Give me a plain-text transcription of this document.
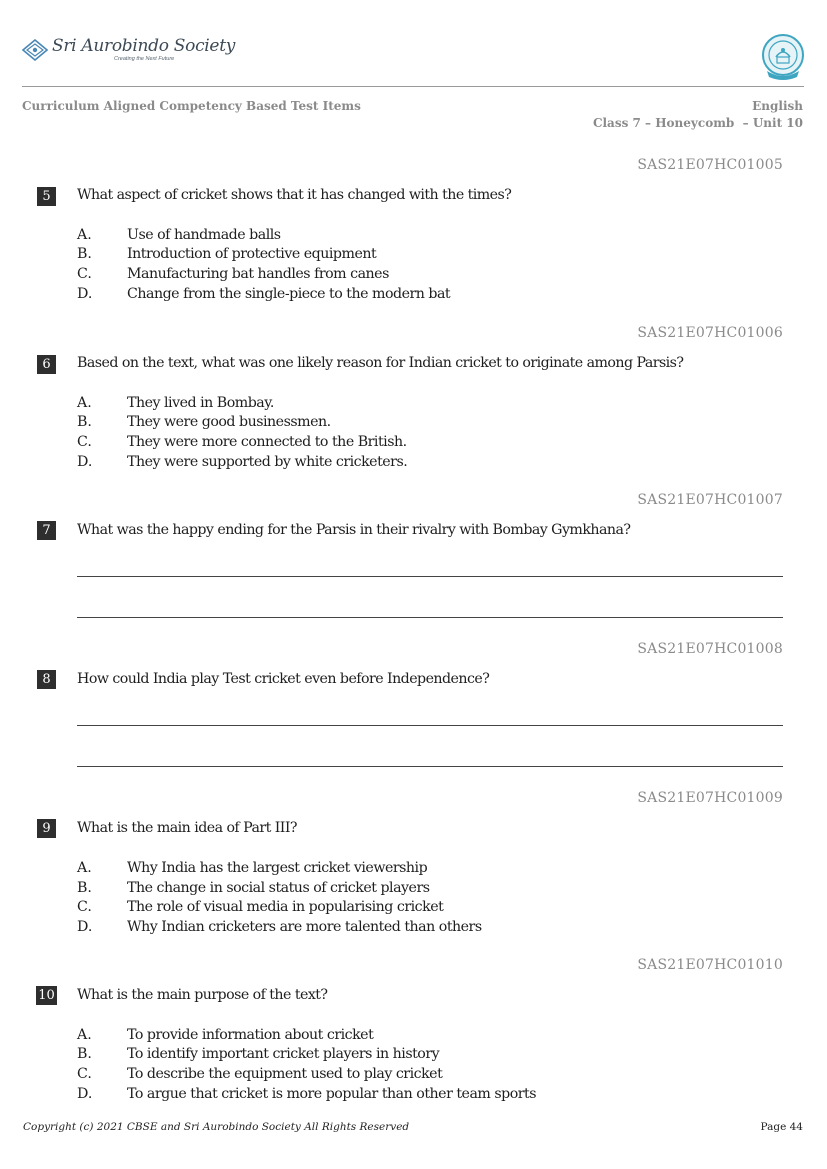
Sri Aurobindo Society
Creating the Next Future
Curriculum Aligned Competency Based Test Items	English
Class 7 – Honeycomb  – Unit 10
SAS21E07HC01005
5	What aspect of cricket shows that it has changed with the times?
A. Use of handmade balls
B. Introduction of protective equipment
C. Manufacturing bat handles from canes
D. Change from the single-piece to the modern bat
SAS21E07HC01006
6	Based on the text, what was one likely reason for Indian cricket to originate among Parsis?
A. They lived in Bombay.
B. They were good businessmen.
C. They were more connected to the British.
D. They were supported by white cricketers.
SAS21E07HC01007
7	What was the happy ending for the Parsis in their rivalry with Bombay Gymkhana?
SAS21E07HC01008
8	How could India play Test cricket even before Independence?
SAS21E07HC01009
9	What is the main idea of Part III?
A. Why India has the largest cricket viewership
B. The change in social status of cricket players
C. The role of visual media in popularising cricket
D. Why Indian cricketers are more talented than others
SAS21E07HC01010
10 What is the main purpose of the text?
A. To provide information about cricket
B. To identify important cricket players in history
C. To describe the equipment used to play cricket
D. To argue that cricket is more popular than other team sports
Copyright (c) 2021 CBSE and Sri Aurobindo Society All Rights Reserved	Page 44
